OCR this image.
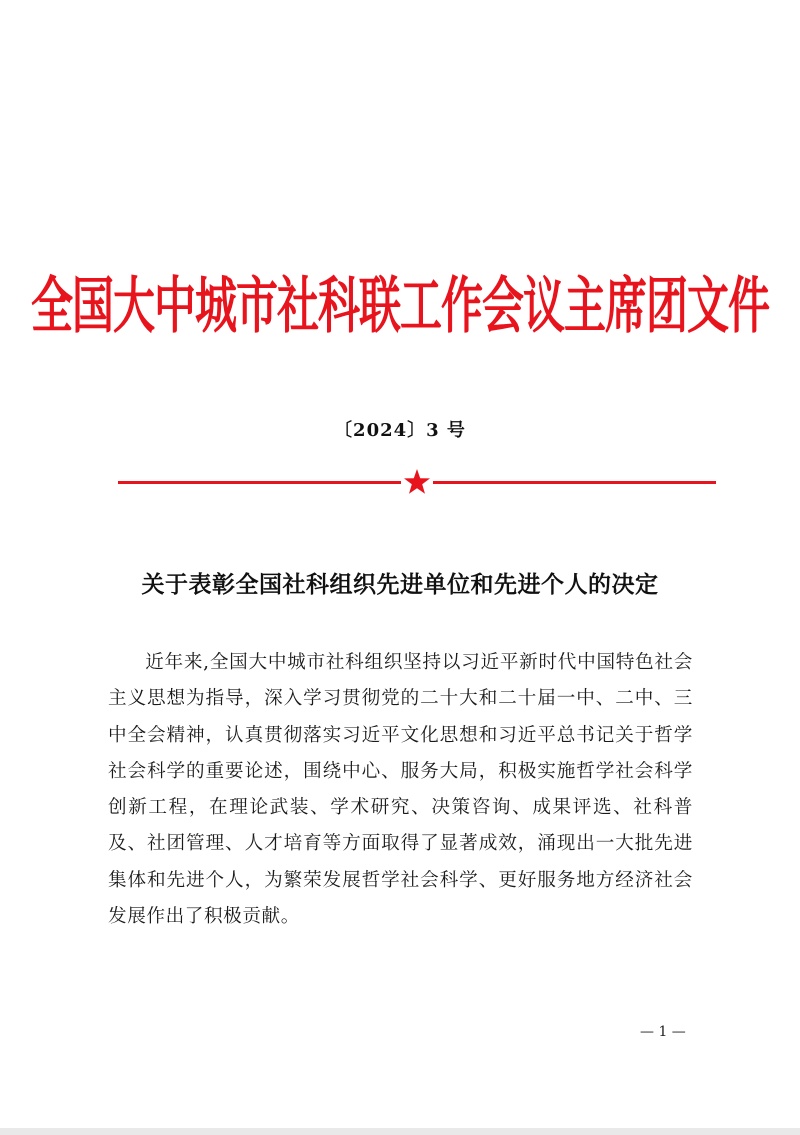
全国大中城市社科联工作会议主席团文件
〔2024〕3 号
关于表彰全国社科组织先进单位和先进个人的决定

近年来,全国大中城市社科组织坚持以习近平新时代中国特色社会主义思想为指导，深入学习贯彻党的二十大和二十届一中、二中、三中全会精神，认真贯彻落实习近平文化思想和习近平总书记关于哲学社会科学的重要论述，围绕中心、服务大局，积极实施哲学社会科学创新工程，在理论武装、学术研究、决策咨询、成果评选、社科普及、社团管理、人才培育等方面取得了显著成效，涌现出一大批先进集体和先进个人，为繁荣发展哲学社会科学、更好服务地方经济社会发展作出了积极贡献。

— 1 —
